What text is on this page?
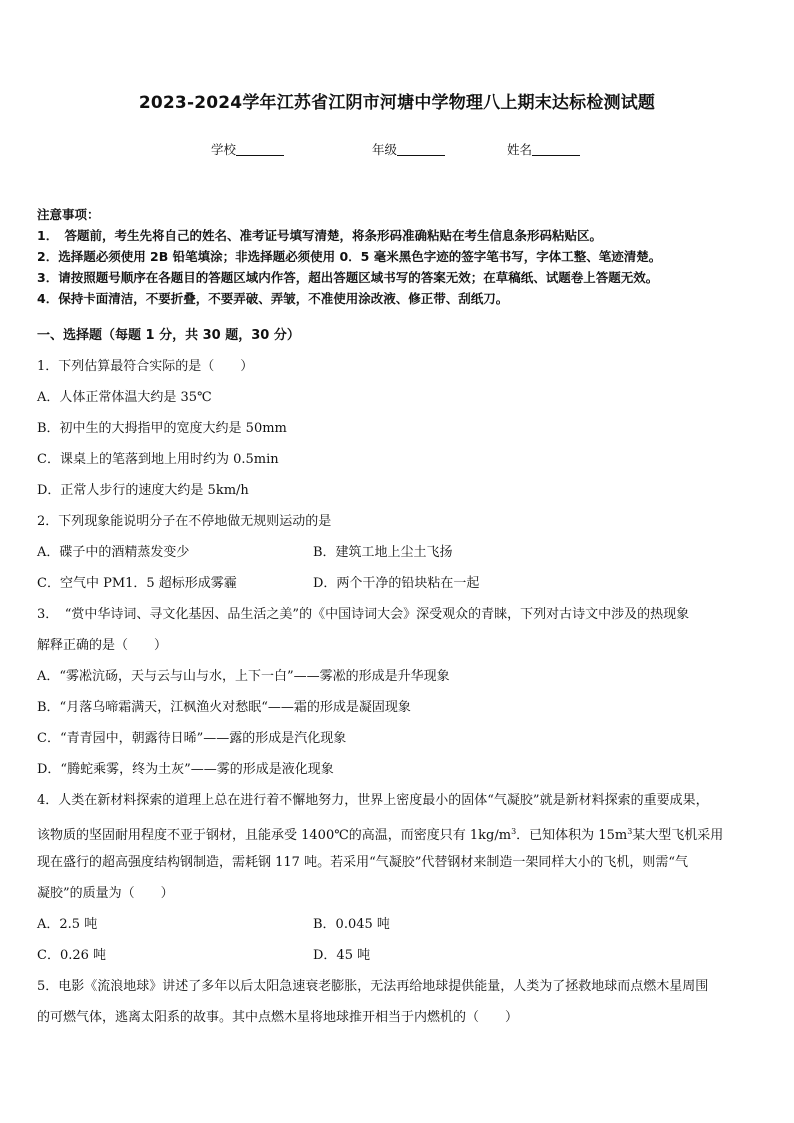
2023-2024学年江苏省江阴市河塘中学物理八上期末达标检测试题
学校	年级	姓名
注意事项：
1．　答题前，考生先将自己的姓名、准考证号填写清楚，将条形码准确粘贴在考生信息条形码粘贴区。
2．选择题必须使用 2B 铅笔填涂；非选择题必须使用 0．5 毫米黑色字迹的签字笔书写，字体工整、笔迹清楚。
3．请按照题号顺序在各题目的答题区域内作答，超出答题区域书写的答案无效；在草稿纸、试题卷上答题无效。
4．保持卡面清洁，不要折叠，不要弄破、弄皱，不准使用涂改液、修正带、刮纸刀。
一、选择题（每题 1 分，共 30 题，30 分）
1．下列估算最符合实际的是（　　）
A．人体正常体温大约是 35℃
B．初中生的大拇指甲的宽度大约是 50mm
C．课桌上的笔落到地上用时约为 0.5min
D．正常人步行的速度大约是 5km/h
2．下列现象能说明分子在不停地做无规则运动的是
A．碟子中的酒精蒸发变少	B．建筑工地上尘土飞扬
C．空气中 PM1．5 超标形成雾霾	D．两个干净的铅块粘在一起
3．　“赏中华诗词、寻文化基因、品生活之美”的《中国诗词大会》深受观众的青睐，下列对古诗文中涉及的热现象
解释正确的是（　　）
A．“雾凇沆砀，天与云与山与水，上下一白”——雾凇的形成是升华现象
B．“月落乌啼霜满天，江枫渔火对愁眠“——霜的形成是凝固现象
C．“青青园中，朝露待日晞”——露的形成是汽化现象
D．“腾蛇乘雾，终为土灰”——雾的形成是液化现象
4．人类在新材料探索的道理上总在进行着不懈地努力，世界上密度最小的固体“气凝胶”就是新材料探索的重要成果，
该物质的坚固耐用程度不亚于钢材，且能承受 1400℃的高温，而密度只有 $1kg/m^3$．已知体积为 $15m^3$某大型飞机采用
现在盛行的超高强度结构钢制造，需耗钢 117 吨。若采用“气凝胶”代替钢材来制造一架同样大小的飞机，则需“气
凝胶”的质量为（　　）
A．2.5 吨	B．0.045 吨
C．0.26 吨	D．45 吨
5．电影《流浪地球》讲述了多年以后太阳急速衰老膨胀，无法再给地球提供能量，人类为了拯救地球而点燃木星周围
的可燃气体，逃离太阳系的故事。其中点燃木星将地球推开相当于内燃机的（　　）
